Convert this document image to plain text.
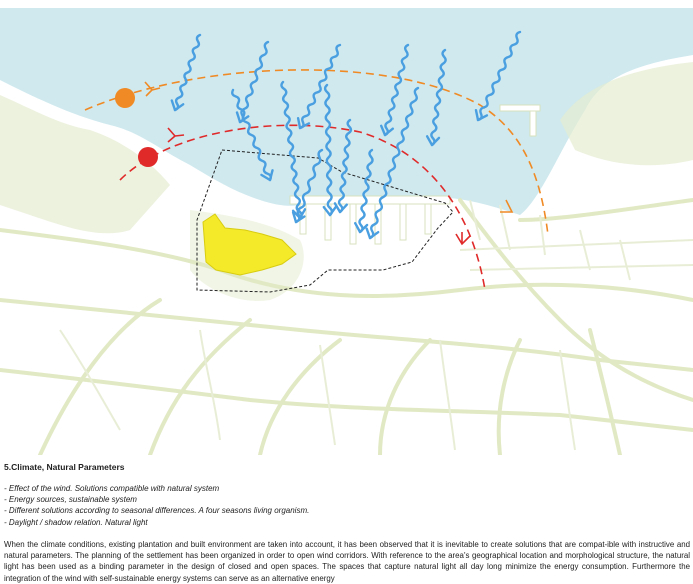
5.Climate, Natural Parameters
- Effect of the wind. Solutions compatible with natural system
- Energy sources, sustainable system
- Different solutions according to seasonal differences. A four seasons living organism.
- Daylight / shadow relation. Natural light

When the climate conditions, existing plantation and built environment are taken into account, it has been observed that it is inevitable to create solutions that are compat-ible with instructive and natural parameters. The planning of the settlement has been organized in order to open wind corridors. With reference to the area's geographical location and morphological structure, the natural light has been used as a binding parameter in the design of closed and open spaces. The spaces that capture natural light all day long minimize the energy consumption. Furthermore the integration of the wind with self-sustainable energy systems can serve as an alternative energy
